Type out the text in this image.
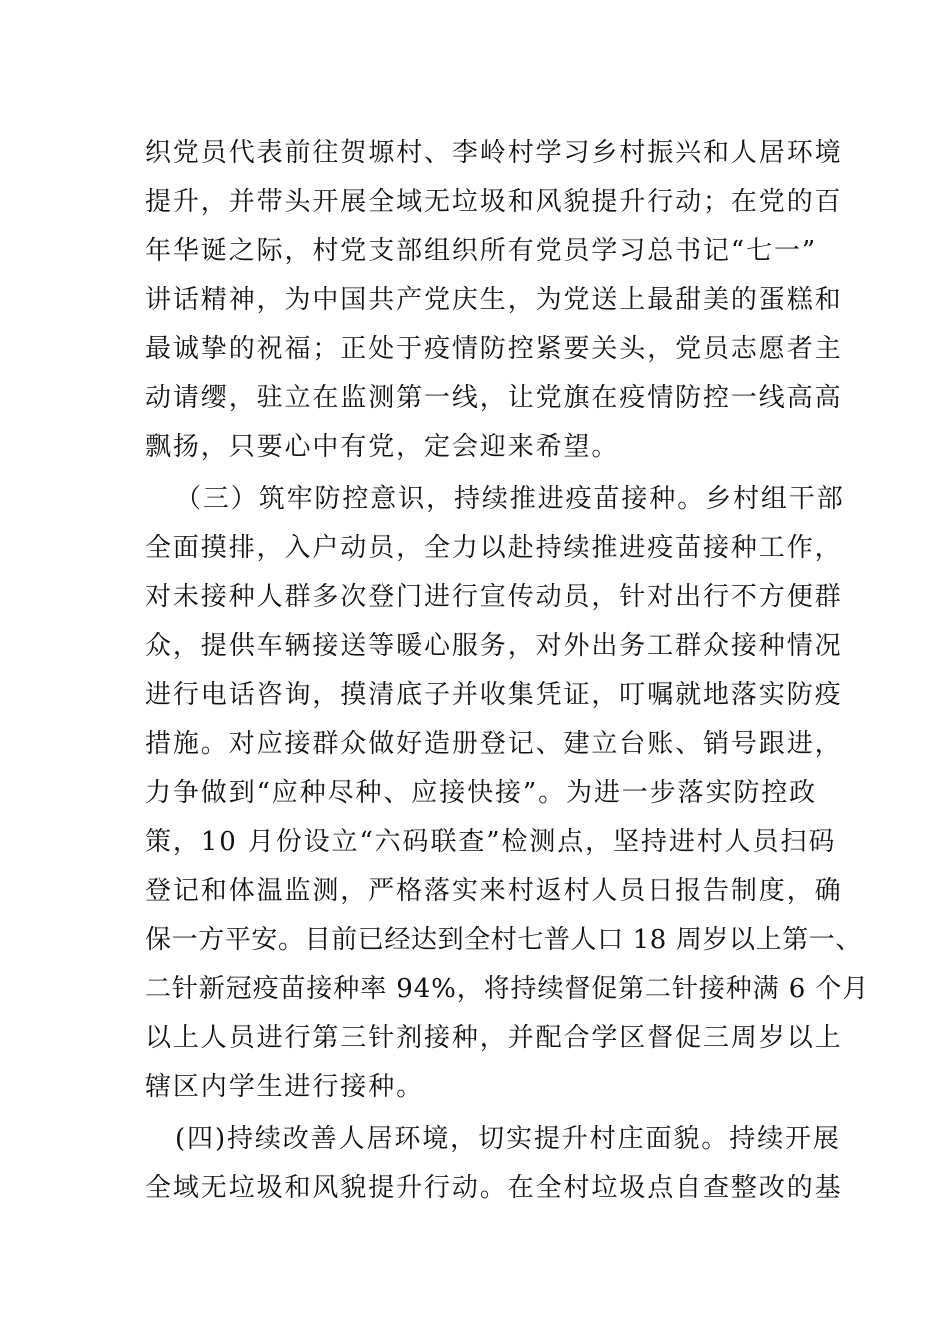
织党员代表前往贺塬村、李岭村学习乡村振兴和人居环境
提升，并带头开展全域无垃圾和风貌提升行动；在党的百
年华诞之际，村党支部组织所有党员学习总书记“七一”
讲话精神，为中国共产党庆生，为党送上最甜美的蛋糕和
最诚挚的祝福；正处于疫情防控紧要关头，党员志愿者主
动请缨，驻立在监测第一线，让党旗在疫情防控一线高高
飘扬，只要心中有党，定会迎来希望。
（三）筑牢防控意识，持续推进疫苗接种。乡村组干部
全面摸排，入户动员，全力以赴持续推进疫苗接种工作，
对未接种人群多次登门进行宣传动员，针对出行不方便群
众，提供车辆接送等暖心服务，对外出务工群众接种情况
进行电话咨询，摸清底子并收集凭证，叮嘱就地落实防疫
措施。对应接群众做好造册登记、建立台账、销号跟进，
力争做到“应种尽种、应接快接”。为进一步落实防控政
策，10 月份设立“六码联查”检测点，坚持进村人员扫码
登记和体温监测，严格落实来村返村人员日报告制度，确
保一方平安。目前已经达到全村七普人口 18 周岁以上第一、
二针新冠疫苗接种率 94%，将持续督促第二针接种满 6 个月
以上人员进行第三针剂接种，并配合学区督促三周岁以上
辖区内学生进行接种。
(四)持续改善人居环境，切实提升村庄面貌。持续开展
全域无垃圾和风貌提升行动。在全村垃圾点自查整改的基
